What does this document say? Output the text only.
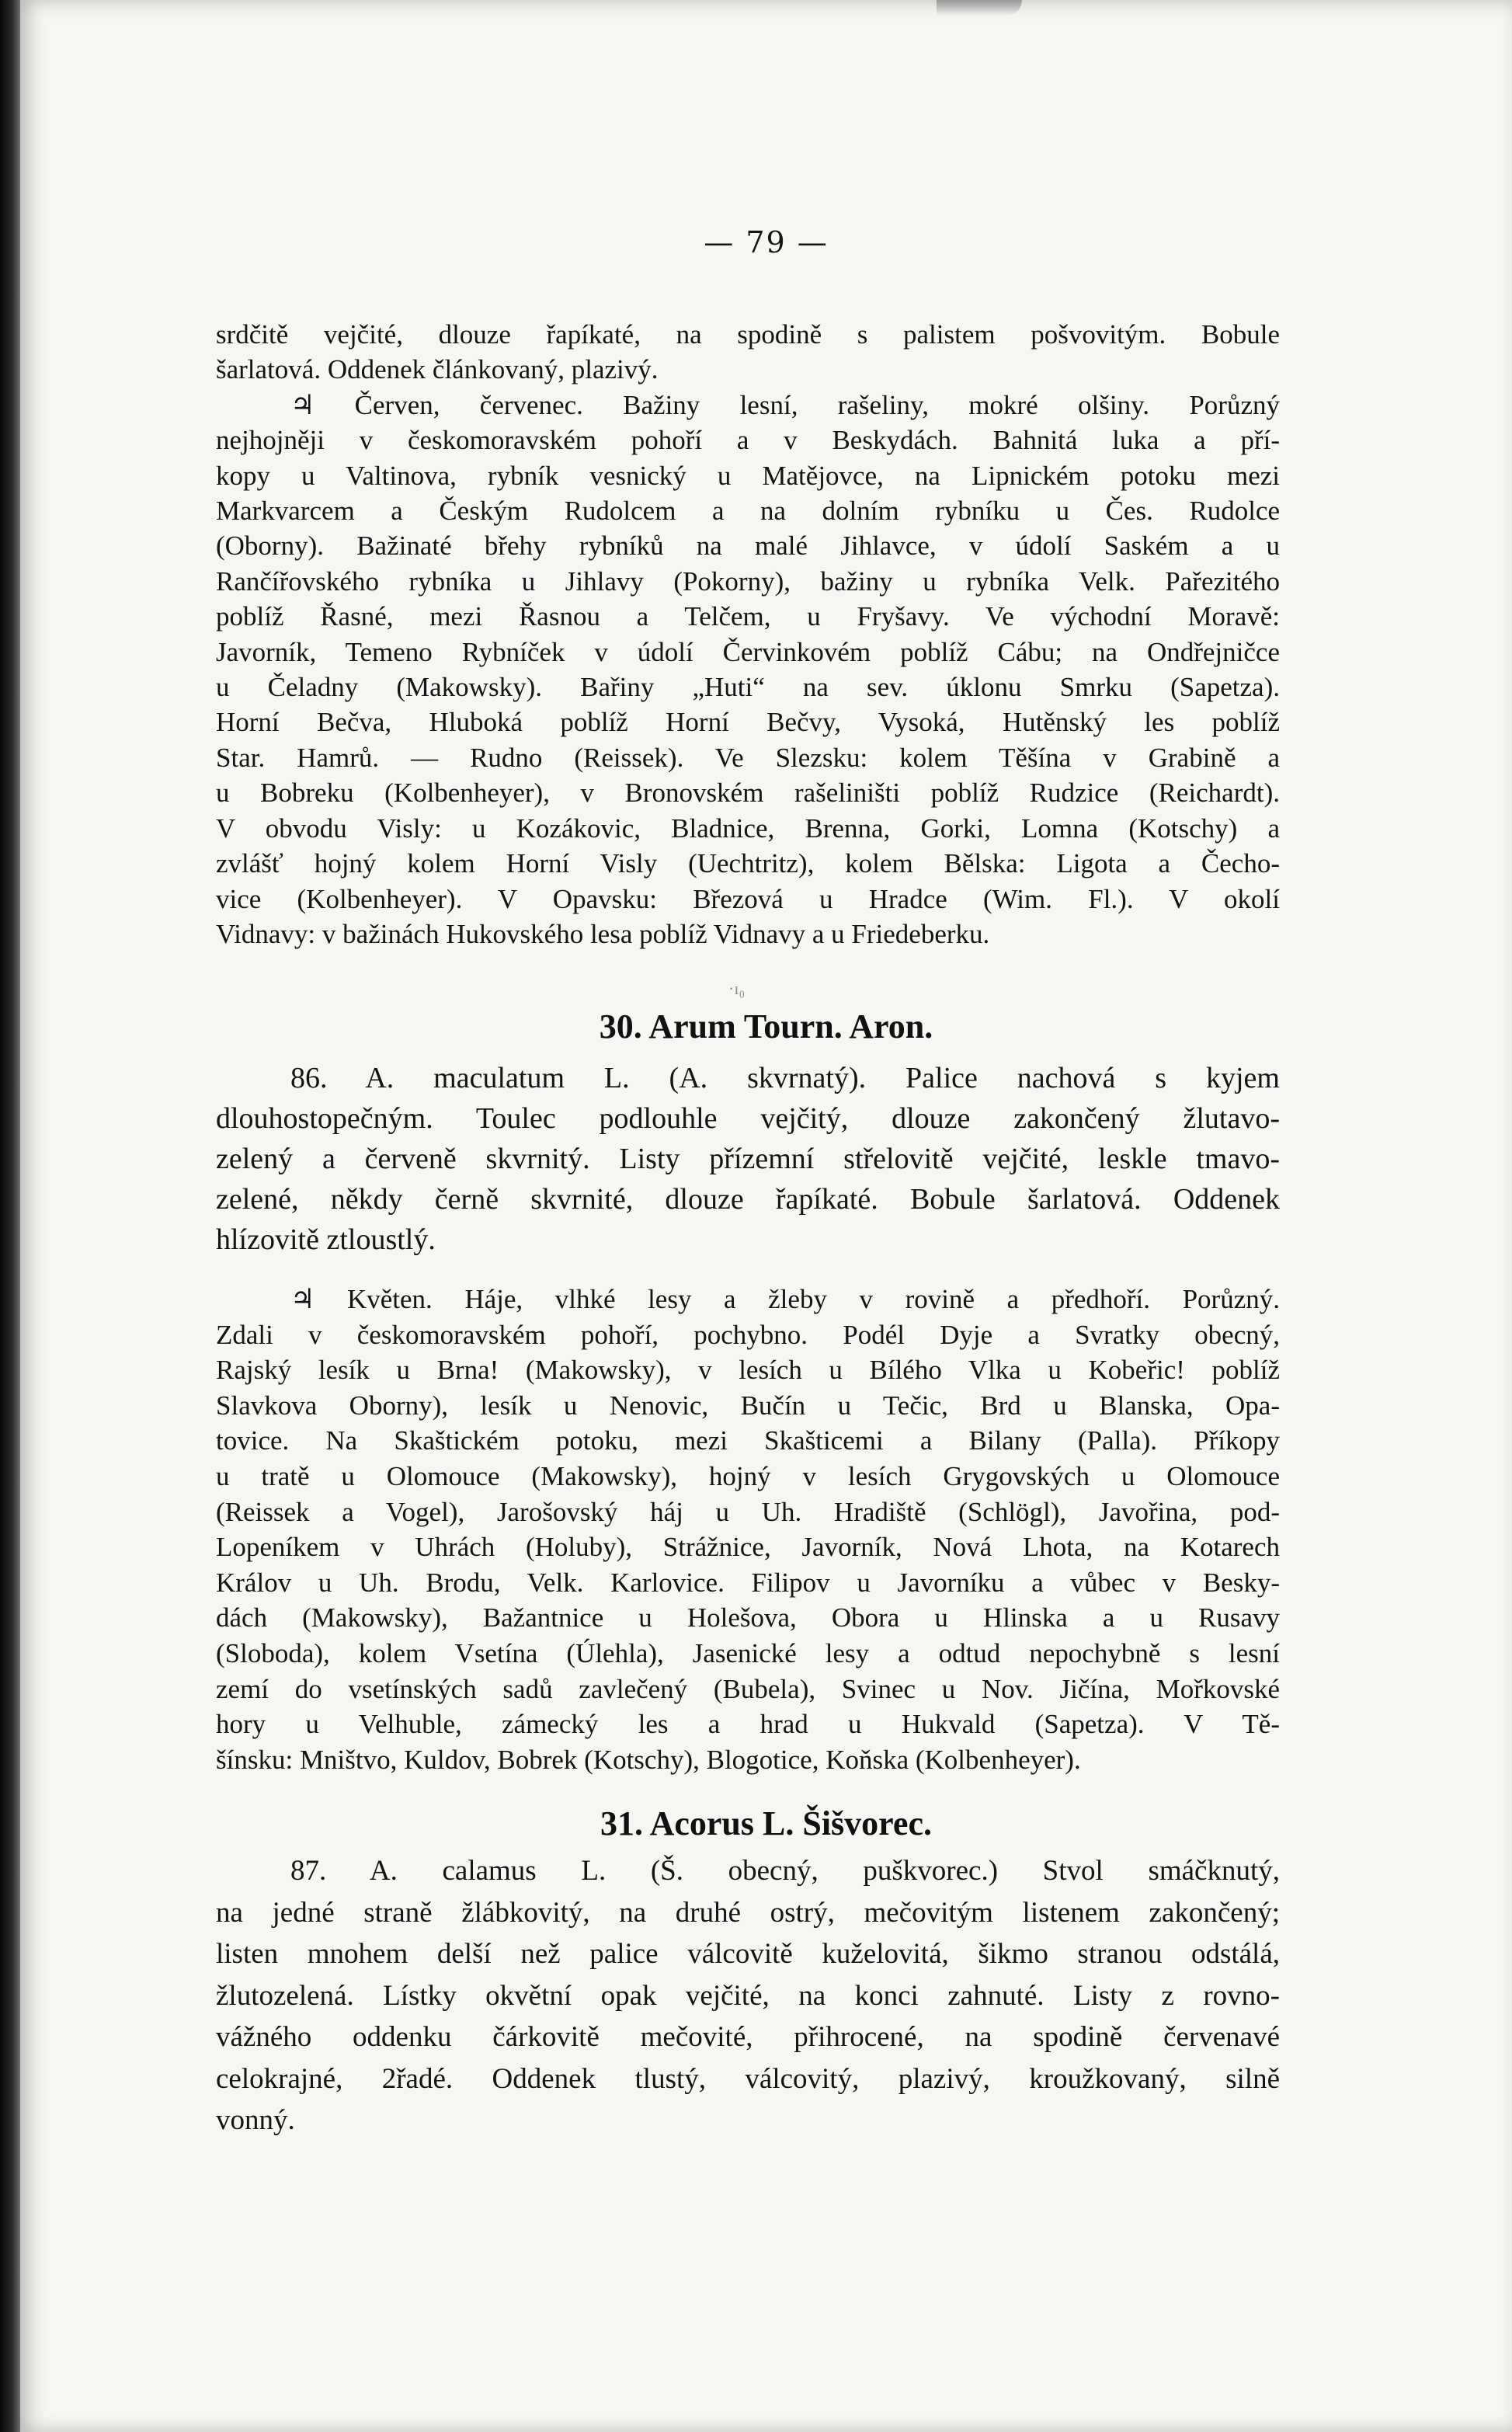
— 79 —
srdčitě vejčité, dlouze řapíkaté, na spodině s palistem pošvovitým. Bobule
šarlatová. Oddenek článkovaný, plazivý.
♃ Červen, červenec. Bažiny lesní, rašeliny, mokré olšiny. Porůzný
nejhojněji v českomoravském pohoří a v Beskydách. Bahnitá luka a pří-
kopy u Valtinova, rybník vesnický u Matějovce, na Lipnickém potoku mezi
Markvarcem a Českým Rudolcem a na dolním rybníku u Čes. Rudolce
(Oborny). Bažinaté břehy rybníků na malé Jihlavce, v údolí Saském a u
Rančířovského rybníka u Jihlavy (Pokorny), bažiny u rybníka Velk. Pařezitého
poblíž Řasné, mezi Řasnou a Telčem, u Fryšavy. Ve východní Moravě:
Javorník, Temeno Rybníček v údolí Červinkovém poblíž Cábu; na Ondřejničce
u Čeladny (Makowsky). Bařiny „Huti“ na sev. úklonu Smrku (Sapetza).
Horní Bečva, Hluboká poblíž Horní Bečvy, Vysoká, Hutěnský les poblíž
Star. Hamrů. — Rudno (Reissek). Ve Slezsku: kolem Těšína v Grabině a
u Bobreku (Kolbenheyer), v Bronovském rašeliništi poblíž Rudzice (Reichardt).
V obvodu Visly: u Kozákovic, Bladnice, Brenna, Gorki, Lomna (Kotschy) a
zvlášť hojný kolem Horní Visly (Uechtritz), kolem Bělska: Ligota a Čecho-
vice (Kolbenheyer). V Opavsku: Březová u Hradce (Wim. Fl.). V okolí
Vidnavy: v bažinách Hukovského lesa poblíž Vidnavy a u Friedeberku.
·ı₀
30. Arum Tourn. Aron.
86. A. maculatum L. (A. skvrnatý). Palice nachová s kyjem
dlouhostopečným. Toulec podlouhle vejčitý, dlouze zakončený žlutavo-
zelený a červeně skvrnitý. Listy přízemní střelovitě vejčité, leskle tmavo-
zelené, někdy černě skvrnité, dlouze řapíkaté. Bobule šarlatová. Oddenek
hlízovitě ztloustlý.
♃ Květen. Háje, vlhké lesy a žleby v rovině a předhoří. Porůzný.
Zdali v českomoravském pohoří, pochybno. Podél Dyje a Svratky obecný,
Rajský lesík u Brna! (Makowsky), v lesích u Bílého Vlka u Kobeřic! poblíž
Slavkova Oborny), lesík u Nenovic, Bučín u Tečic, Brd u Blanska, Opa-
tovice. Na Skaštickém potoku, mezi Skašticemi a Bilany (Palla). Příkopy
u tratě u Olomouce (Makowsky), hojný v lesích Grygovských u Olomouce
(Reissek a Vogel), Jarošovský háj u Uh. Hradiště (Schlögl), Javořina, pod-
Lopeníkem v Uhrách (Holuby), Strážnice, Javorník, Nová Lhota, na Kotarech
Králov u Uh. Brodu, Velk. Karlovice. Filipov u Javorníku a vůbec v Besky-
dách (Makowsky), Bažantnice u Holešova, Obora u Hlinska a u Rusavy
(Sloboda), kolem Vsetína (Úlehla), Jasenické lesy a odtud nepochybně s lesní
zemí do vsetínských sadů zavlečený (Bubela), Svinec u Nov. Jičína, Mořkovské
hory u Velhuble, zámecký les a hrad u Hukvald (Sapetza). V Tě-
šínsku: Mništvo, Kuldov, Bobrek (Kotschy), Blogotice, Koňska (Kolbenheyer).
31. Acorus L. Šišvorec.
87. A. calamus L. (Š. obecný, puškvorec.) Stvol smáčknutý,
na jedné straně žlábkovitý, na druhé ostrý, mečovitým listenem zakončený;
listen mnohem delší než palice válcovitě kuželovitá, šikmo stranou odstálá,
žlutozelená. Lístky okvětní opak vejčité, na konci zahnuté. Listy z rovno-
vážného oddenku čárkovitě mečovité, přihrocené, na spodině červenavé
celokrajné, 2řadé. Oddenek tlustý, válcovitý, plazivý, kroužkovaný, silně
vonný.
